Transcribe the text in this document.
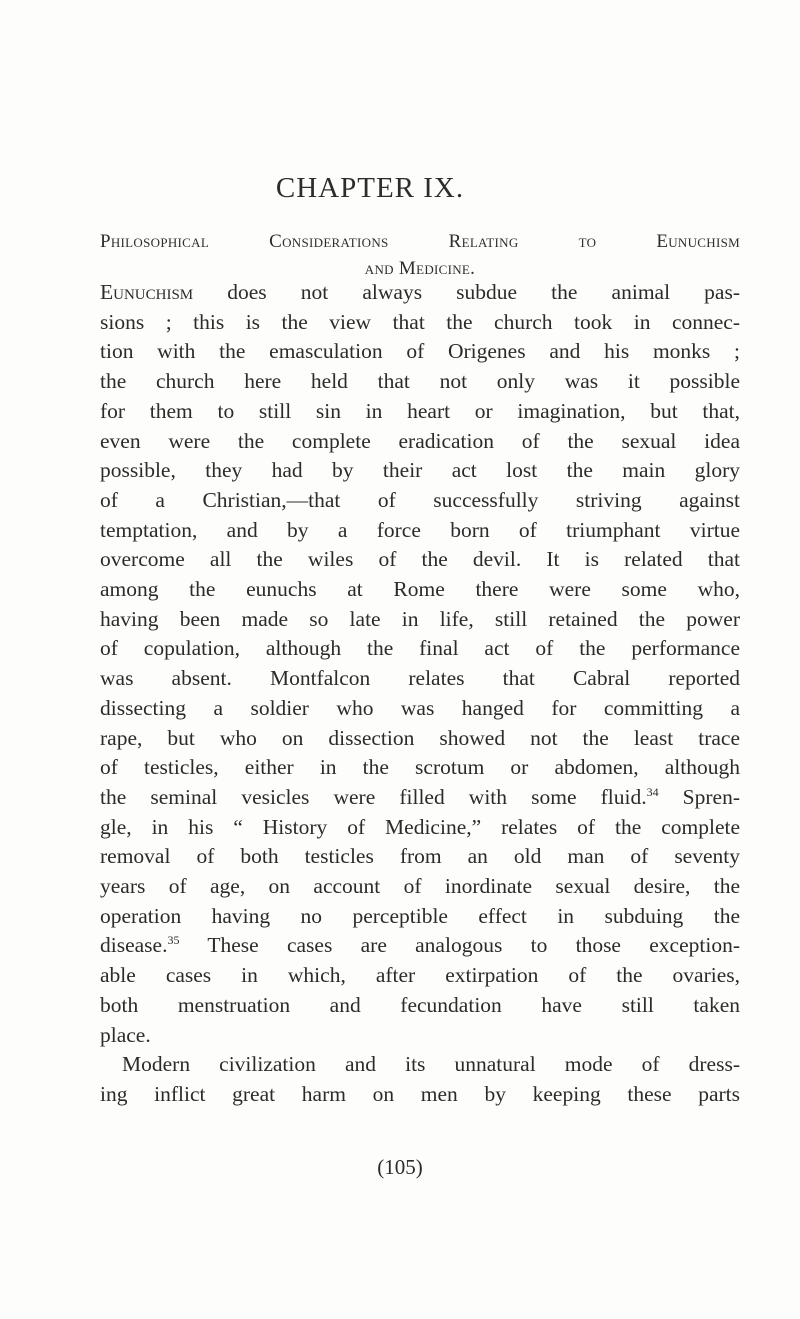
CHAPTER IX.
Philosophical Considerations Relating to Eunuchism
and Medicine.
Eunuchism does not always subdue the animal pas-
sions ; this is the view that the church took in connec-
tion with the emasculation of Origenes and his monks ;
the church here held that not only was it possible
for them to still sin in heart or imagination, but that,
even were the complete eradication of the sexual idea
possible, they had by their act lost the main glory
of a Christian,—that of successfully striving against
temptation, and by a force born of triumphant virtue
overcome all the wiles of the devil. It is related that
among the eunuchs at Rome there were some who,
having been made so late in life, still retained the power
of copulation, although the final act of the performance
was absent. Montfalcon relates that Cabral reported
dissecting a soldier who was hanged for committing a
rape, but who on dissection showed not the least trace
of testicles, either in the scrotum or abdomen, although
the seminal vesicles were filled with some fluid.$^{34}$ Spren-
gle, in his “ History of Medicine,” relates of the complete
removal of both testicles from an old man of seventy
years of age, on account of inordinate sexual desire, the
operation having no perceptible effect in subduing the
disease.$^{35}$ These cases are analogous to those exception-
able cases in which, after extirpation of the ovaries,
both menstruation and fecundation have still taken
place.
Modern civilization and its unnatural mode of dress-
ing inflict great harm on men by keeping these parts
(105)
